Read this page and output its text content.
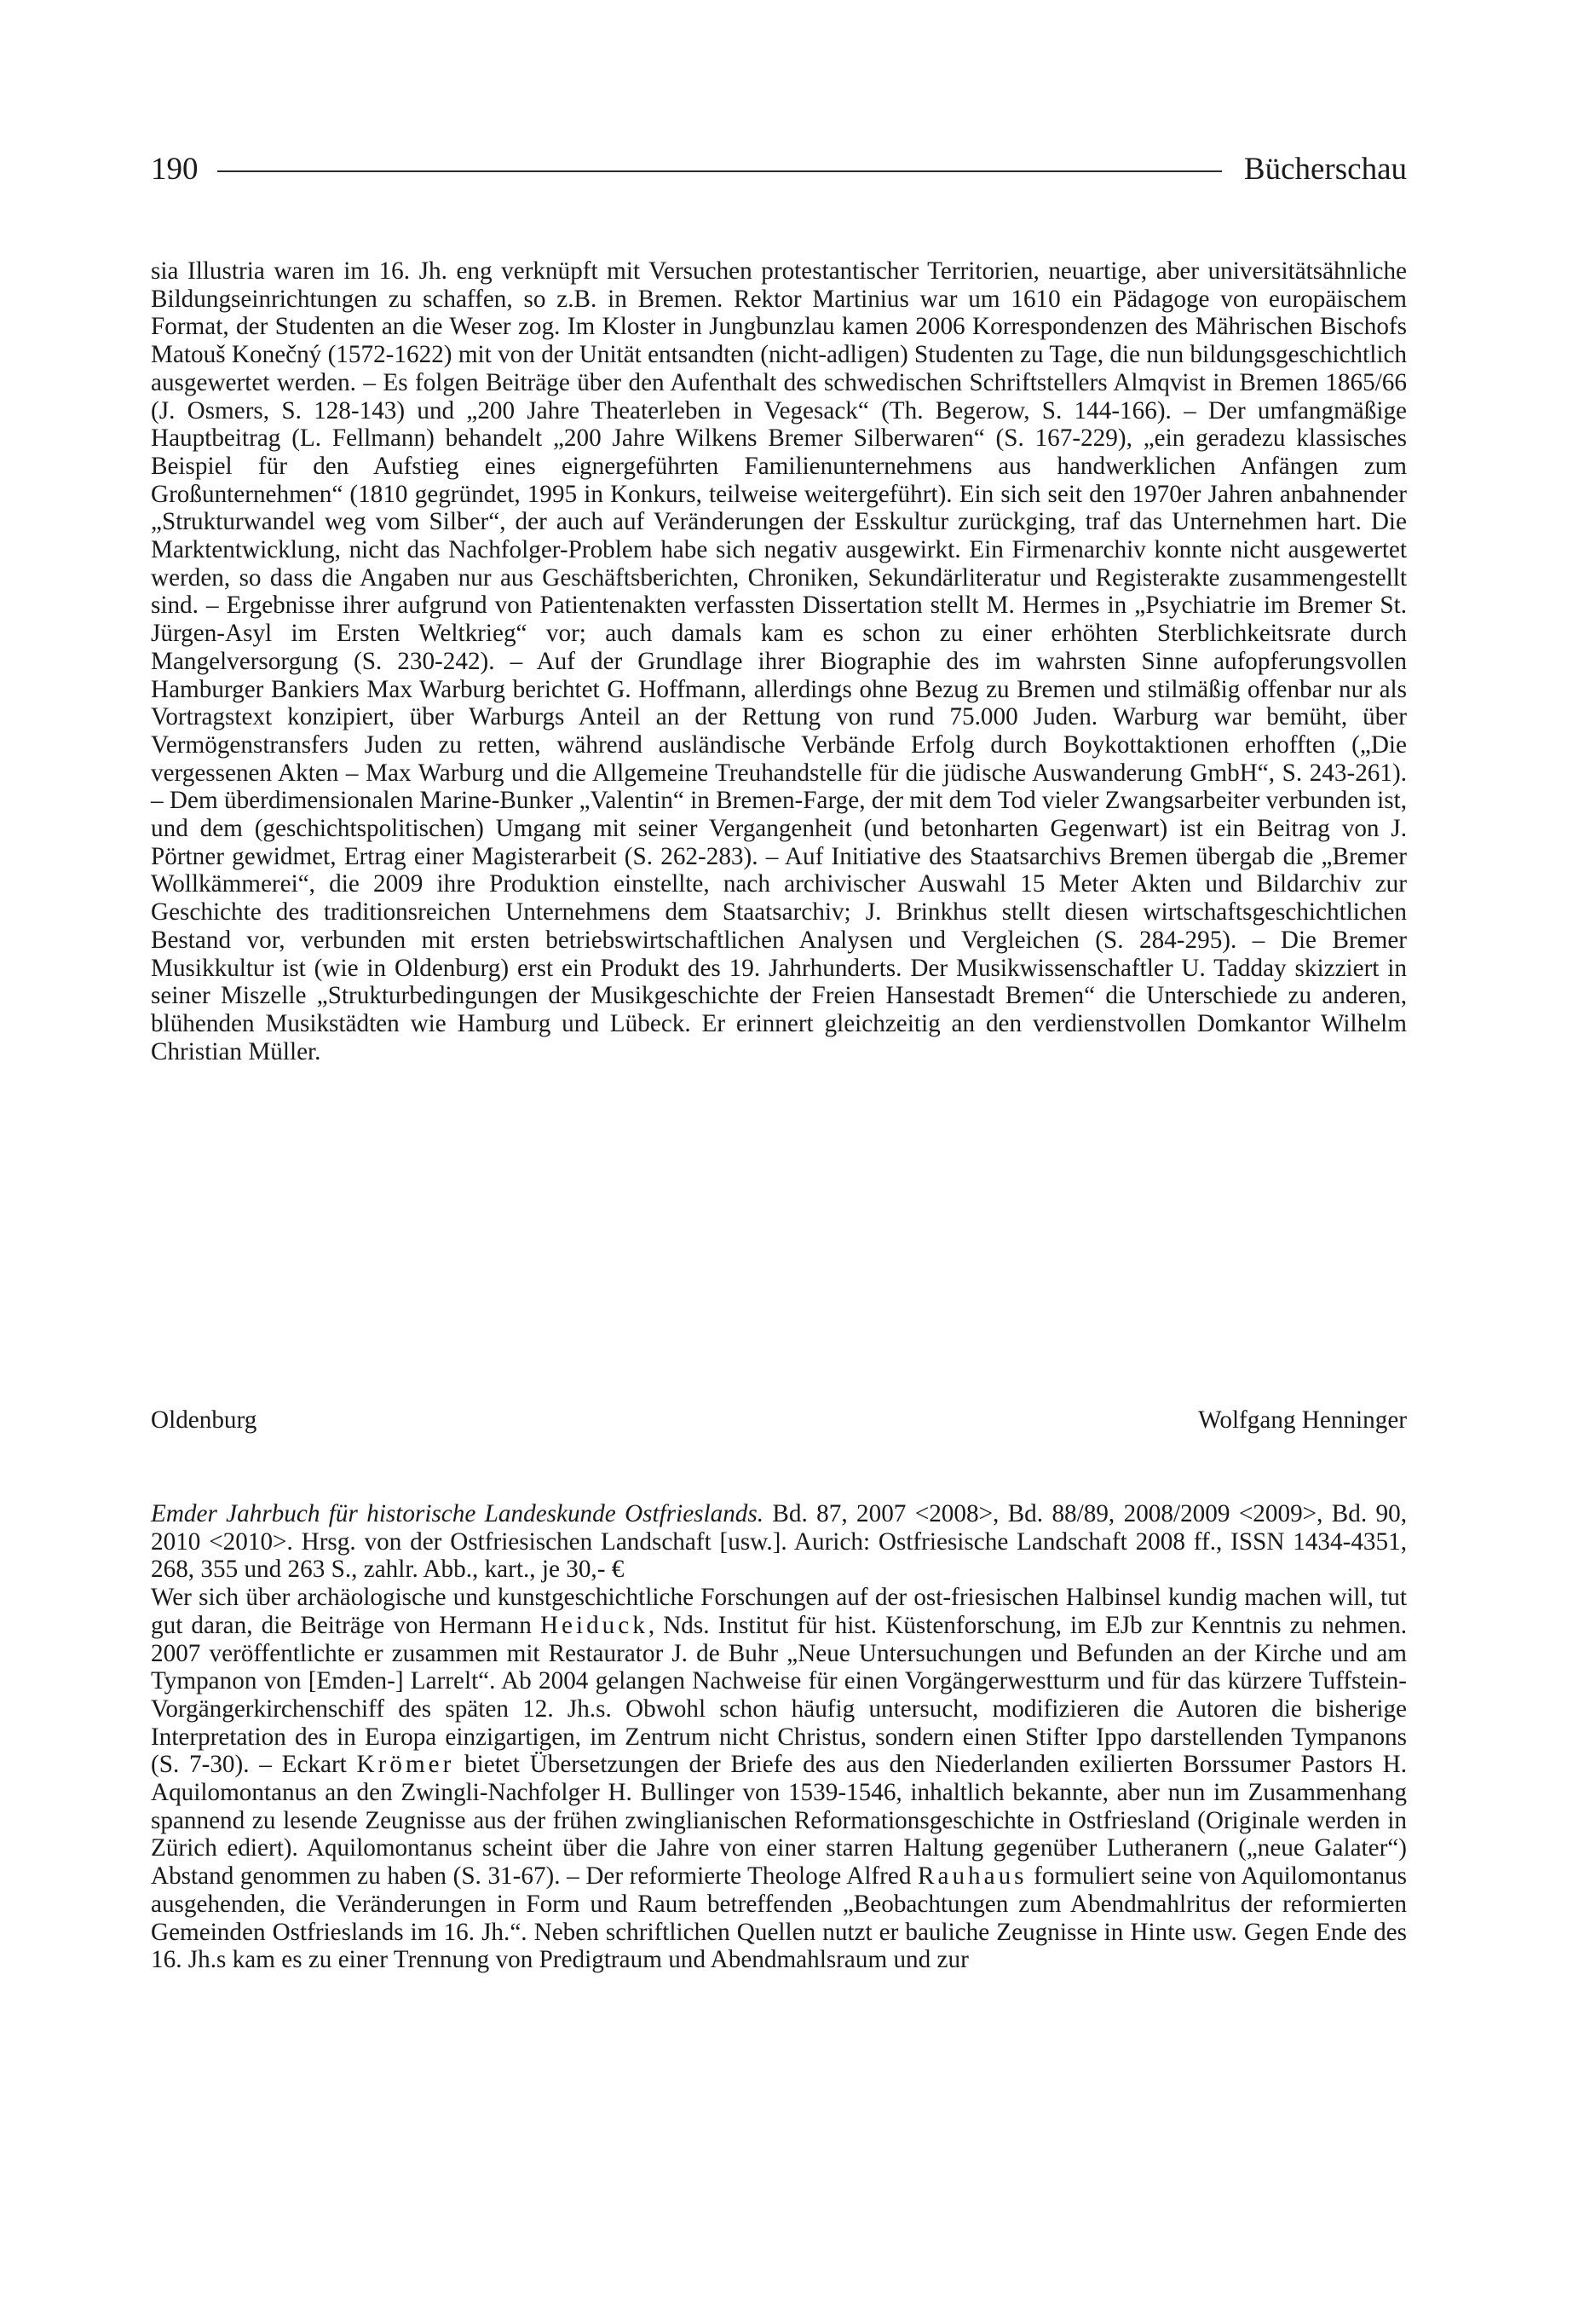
190	Bücherschau

sia Illustria waren im 16. Jh. eng verknüpft mit Versuchen protestantischer Territorien, neuartige, aber universitätsähnliche Bildungseinrichtungen zu schaffen, so z.B. in Bremen. Rektor Martinius war um 1610 ein Pädagoge von europäischem Format, der Studenten an die Weser zog. Im Kloster in Jungbunzlau kamen 2006 Korrespondenzen des Mährischen Bischofs Matouš Konečný (1572-1622) mit von der Unität entsandten (nicht-adligen) Studenten zu Tage, die nun bildungsgeschichtlich ausgewertet werden. – Es folgen Beiträge über den Aufenthalt des schwedischen Schriftstellers Almqvist in Bremen 1865/66 (J. Osmers, S. 128-143) und „200 Jahre Theaterleben in Vegesack“ (Th. Begerow, S. 144-166). – Der umfangmäßige Hauptbeitrag (L. Fellmann) behandelt „200 Jahre Wilkens Bremer Silberwaren“ (S. 167-229), „ein geradezu klassisches Beispiel für den Aufstieg eines eignergeführten Familienunternehmens aus handwerklichen Anfängen zum Großunternehmen“ (1810 gegründet, 1995 in Konkurs, teilweise weitergeführt). Ein sich seit den 1970er Jahren anbahnender „Strukturwandel weg vom Silber“, der auch auf Veränderungen der Esskultur zurückging, traf das Unternehmen hart. Die Marktentwicklung, nicht das Nachfolger-Problem habe sich negativ ausgewirkt. Ein Firmenarchiv konnte nicht ausgewertet werden, so dass die Angaben nur aus Geschäftsberichten, Chroniken, Sekundärliteratur und Registerakte zusammengestellt sind. – Ergebnisse ihrer aufgrund von Patientenakten verfassten Dissertation stellt M. Hermes in „Psychiatrie im Bremer St. Jürgen-Asyl im Ersten Weltkrieg“ vor; auch damals kam es schon zu einer erhöhten Sterblichkeitsrate durch Mangelversorgung (S. 230-242). – Auf der Grundlage ihrer Biographie des im wahrsten Sinne aufopferungsvollen Hamburger Bankiers Max Warburg berichtet G. Hoffmann, allerdings ohne Bezug zu Bremen und stilmäßig offenbar nur als Vortragstext konzipiert, über Warburgs Anteil an der Rettung von rund 75.000 Juden. Warburg war bemüht, über Vermögenstransfers Juden zu retten, während ausländische Verbände Erfolg durch Boykottaktionen erhofften („Die vergessenen Akten – Max Warburg und die Allgemeine Treuhandstelle für die jüdische Auswanderung GmbH“, S. 243-261). – Dem überdimensionalen Marine-Bunker „Valentin“ in Bremen-Farge, der mit dem Tod vieler Zwangsarbeiter verbunden ist, und dem (geschichtspolitischen) Umgang mit seiner Vergangenheit (und betonharten Gegenwart) ist ein Beitrag von J. Pörtner gewidmet, Ertrag einer Magisterarbeit (S. 262-283). – Auf Initiative des Staatsarchivs Bremen übergab die „Bremer Wollkämmerei“, die 2009 ihre Produktion einstellte, nach archivischer Auswahl 15 Meter Akten und Bildarchiv zur Geschichte des traditionsreichen Unternehmens dem Staatsarchiv; J. Brinkhus stellt diesen wirtschaftsgeschichtlichen Bestand vor, verbunden mit ersten betriebswirtschaftlichen Analysen und Vergleichen (S. 284-295). – Die Bremer Musikkultur ist (wie in Oldenburg) erst ein Produkt des 19. Jahrhunderts. Der Musikwissenschaftler U. Tadday skizziert in seiner Miszelle „Strukturbedingungen der Musikgeschichte der Freien Hansestadt Bremen“ die Unterschiede zu anderen, blühenden Musikstädten wie Hamburg und Lübeck. Er erinnert gleichzeitig an den verdienstvollen Domkantor Wilhelm Christian Müller.

Oldenburg	Wolfgang Henninger

Emder Jahrbuch für historische Landeskunde Ostfrieslands. Bd. 87, 2007 <2008>, Bd. 88/89, 2008/2009 <2009>, Bd. 90, 2010 <2010>. Hrsg. von der Ostfriesischen Landschaft [usw.]. Aurich: Ostfriesische Landschaft 2008 ff., ISSN 1434-4351, 268, 355 und 263 S., zahlr. Abb., kart., je 30,- €

Wer sich über archäologische und kunstgeschichtliche Forschungen auf der ost-friesischen Halbinsel kundig machen will, tut gut daran, die Beiträge von Hermann Heiduck, Nds. Institut für hist. Küstenforschung, im EJb zur Kenntnis zu nehmen. 2007 veröffentlichte er zusammen mit Restaurator J. de Buhr „Neue Untersuchungen und Befunden an der Kirche und am Tympanon von [Emden-] Larrelt“. Ab 2004 gelangen Nachweise für einen Vorgängerwestturm und für das kürzere Tuffstein-Vorgängerkirchenschiff des späten 12. Jh.s. Obwohl schon häufig untersucht, modifizieren die Autoren die bisherige Interpretation des in Europa einzigartigen, im Zentrum nicht Christus, sondern einen Stifter Ippo darstellenden Tympanons (S. 7-30). – Eckart Krömer bietet Übersetzungen der Briefe des aus den Niederlanden exilierten Borssumer Pastors H. Aquilomontanus an den Zwingli-Nachfolger H. Bullinger von 1539-1546, inhaltlich bekannte, aber nun im Zusammenhang spannend zu lesende Zeugnisse aus der frühen zwinglianischen Reformationsgeschichte in Ostfriesland (Originale werden in Zürich ediert). Aquilomontanus scheint über die Jahre von einer starren Haltung gegenüber Lutheranern („neue Galater“) Abstand genommen zu haben (S. 31-67). – Der reformierte Theologe Alfred Rauhaus formuliert seine von Aquilomontanus ausgehenden, die Veränderungen in Form und Raum betreffenden „Beobachtungen zum Abendmahlritus der reformierten Gemeinden Ostfrieslands im 16. Jh.“. Neben schriftlichen Quellen nutzt er bauliche Zeugnisse in Hinte usw. Gegen Ende des 16. Jh.s kam es zu einer Trennung von Predigtraum und Abendmahlsraum und zur
